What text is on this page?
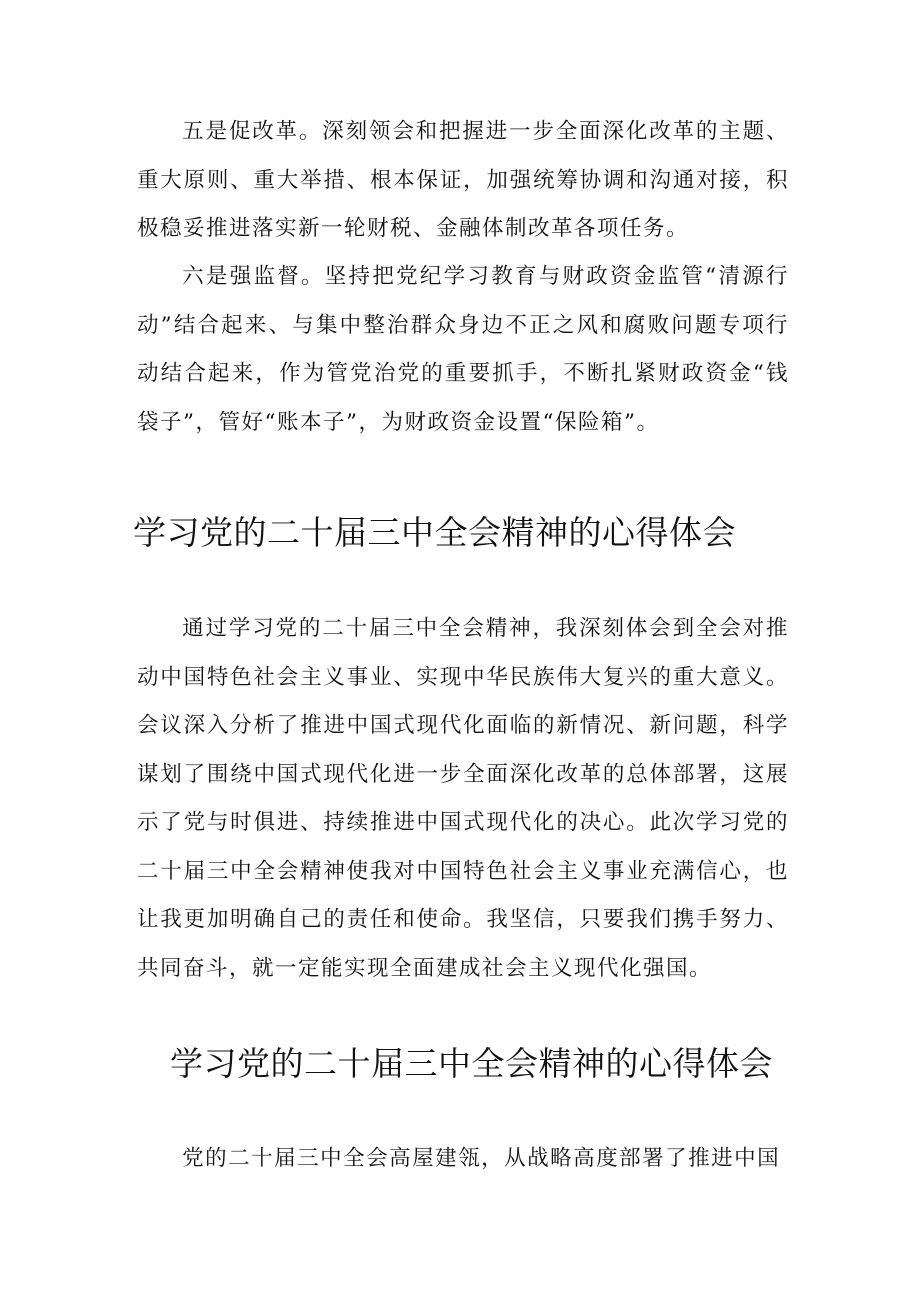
五是促改革。深刻领会和把握进一步全面深化改革的主题、重大原则、重大举措、根本保证，加强统筹协调和沟通对接，积极稳妥推进落实新一轮财税、金融体制改革各项任务。

六是强监督。坚持把党纪学习教育与财政资金监管“清源行动”结合起来、与集中整治群众身边不正之风和腐败问题专项行动结合起来，作为管党治党的重要抓手，不断扎紧财政资金“钱袋子”，管好“账本子”，为财政资金设置“保险箱”。

学习党的二十届三中全会精神的心得体会

通过学习党的二十届三中全会精神，我深刻体会到全会对推动中国特色社会主义事业、实现中华民族伟大复兴的重大意义。会议深入分析了推进中国式现代化面临的新情况、新问题，科学谋划了围绕中国式现代化进一步全面深化改革的总体部署，这展示了党与时俱进、持续推进中国式现代化的决心。此次学习党的二十届三中全会精神使我对中国特色社会主义事业充满信心，也让我更加明确自己的责任和使命。我坚信，只要我们携手努力、共同奋斗，就一定能实现全面建成社会主义现代化强国。

学习党的二十届三中全会精神的心得体会

党的二十届三中全会高屋建瓴，从战略高度部署了推进中国
